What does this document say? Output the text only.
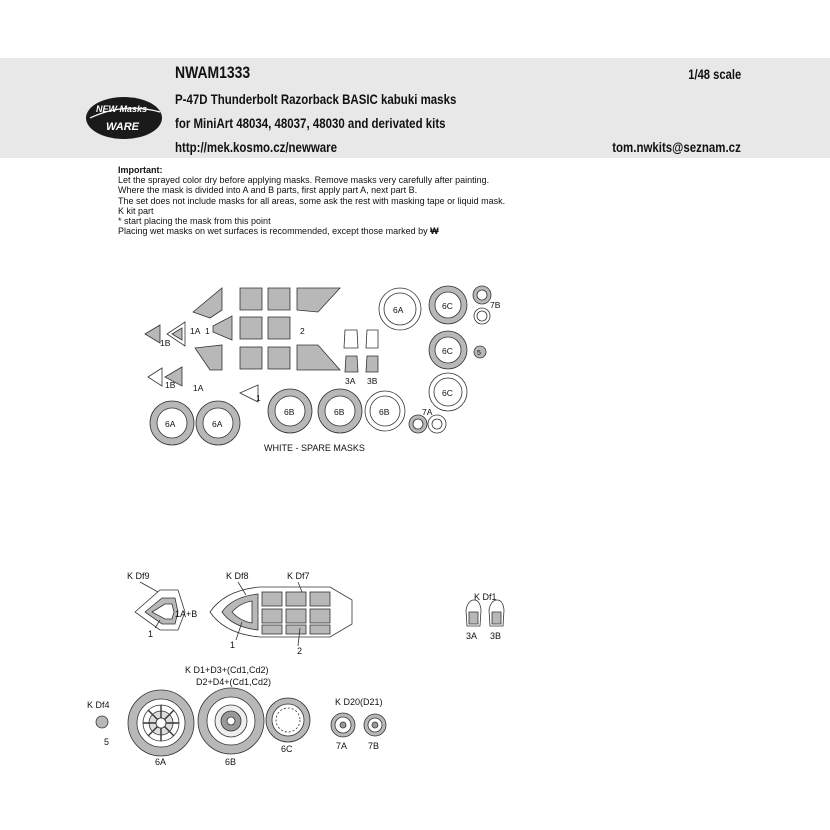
NWAM1333	1/48 scale
P-47D Thunderbolt Razorback BASIC kabuki masks
for MiniArt 48034, 48037, 48030 and derivated kits
http://mek.kosmo.cz/newware	tom.nwkits@seznam.cz
Important:
Let the sprayed color dry before applying masks. Remove masks very carefully after painting.
Where the mask is divided into A and B parts, first apply part A, next part B.
The set does not include masks for all areas, some ask the rest with masking tape or liquid mask.
K kit part
* start placing the mask from this point
Placing wet masks on wet surfaces is recommended, except those marked by ₩
NEW Masks
WARE
1A 1	2
1B
1B 1A
1
6A	6A
6B	6B	6B
6A	6C
6C
6C
7B
5
7A
3A 3B
WHITE - SPARE MASKS
K Df9	K Df8	K Df7
1A+B
1
1
2
K Df1
3A 3B
K D1+D3+(Cd1,Cd2)
D2+D4+(Cd1,Cd2)
K Df4
5
6A	6B
6C
K D20(D21)
7A 7B
